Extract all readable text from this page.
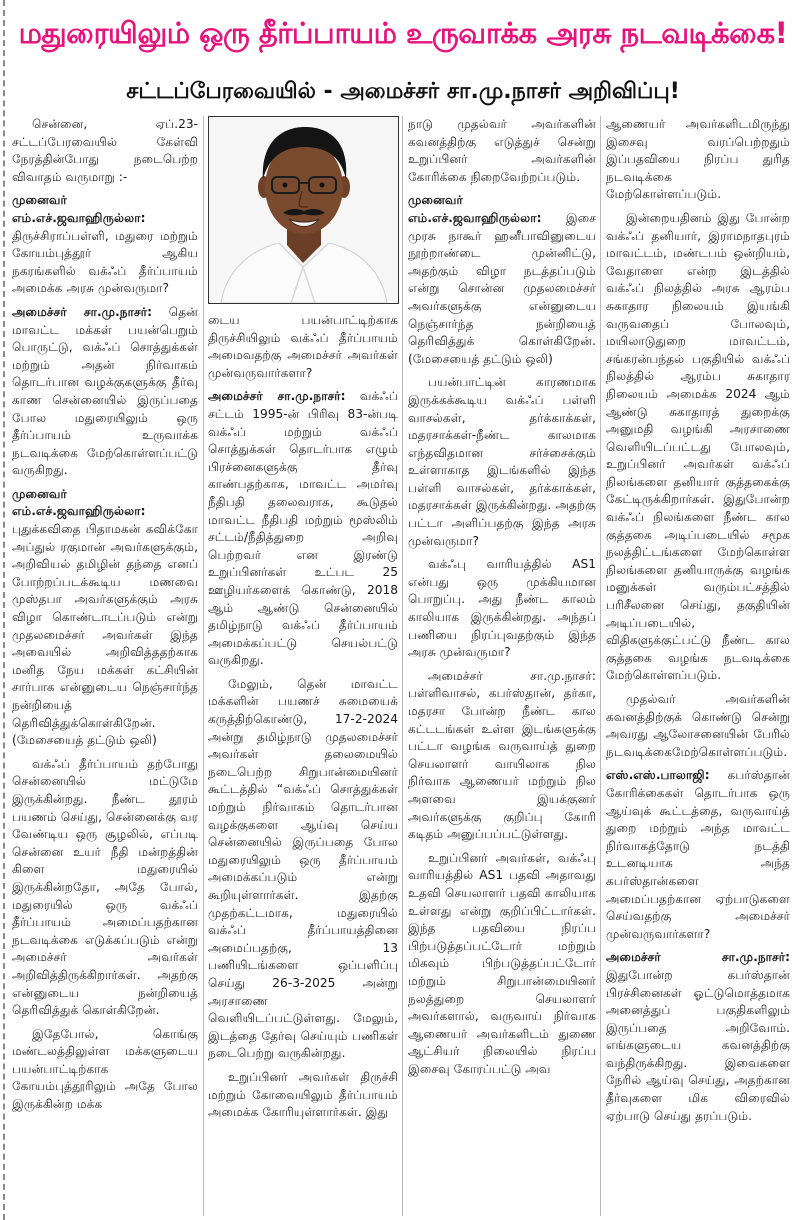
மதுரையிலும் ஒரு தீர்ப்பாயம் உருவாக்க அரசு நடவடிக்கை!
சட்டப்பேரவையில் - அமைச்சர் சா.மு.நாசர் அறிவிப்பு!

சென்னை, ஏப்.23- சட்டப்பேரவையில் கேள்வி நேரத்தின்போது நடைபெற்ற விவாதம் வருமாறு :-

முனைவர் எம்.எச்.ஜவாஹிருல்லா: திருச்சிராப்பள்ளி, மதுரை மற்றும் கோயம்புத்தூர் ஆகிய நகரங்களில் வக்ஃப் தீர்ப்பாயம் அமைக்க அரசு முன்வருமா?

அமைச்சர் சா.மு.நாசர்: தென் மாவட்ட மக்கள் பயன்பெறும் பொருட்டு, வக்ஃப் சொத்துக்கள் மற்றும் அதன் நிர்வாகம் தொடர்பான வழக்குகளுக்கு தீர்வு காண சென்னையில் இருப்பதை போல மதுரையிலும் ஒரு தீர்ப்பாயம் உருவாக்க நடவடிக்கை மேற்கொள்ளப்பட்டு வருகிறது.

முனைவர் எம்.எச்.ஜவாஹிருல்லா: புதுக்கவிதை பிதாமகன் கவிக்கோ அப்துல் ரகுமான் அவர்களுக்கும், அறிவியல் தமிழின் தந்தை எனப் போற்றப்படக்கூடிய மணவை முஸ்தபா அவர்களுக்கும் அரசு விழா கொண்டாடப்படும் என்று முதலமைச்சர் அவர்கள் இந்த அவையில் அறிவித்ததற்காக மனித நேய மக்கள் கட்சியின் சார்பாக என்னுடைய நெஞ்சார்ந்த நன்றியைத் தெரிவித்துக்கொள்கிறேன். (மேசையைத் தட்டும் ஒலி)

வக்ஃப் தீர்ப்பாயம் தற்போது சென்னையில் மட்டுமே இருக்கின்றது. நீண்ட தூரம் பயணம் செய்து, சென்னைக்கு வர வேண்டிய ஒரு சூழலில், எப்படி சென்னை உயர் நீதி மன்றத்தின் கிளை மதுரையில் இருக்கின்றதோ, அதே போல், மதுரையில் ஒரு வக்ஃப் தீர்ப்பாயம் அமைப்பதற்கான நடவடிக்கை எடுக்கப்படும் என்று அமைச்சர் அவர்கள் அறிவித்திருக்கிறார்கள். அதற்கு என்னுடைய நன்றியைத் தெரிவித்துக் கொள்கிறேன்.

இதேபோல், கொங்கு மண்டலத்திலுள்ள மக்களுடைய பயன்பாட்டிற்காக கோயம்புத்தூரிலும் அதே போல இருக்கின்ற மக்க

டைய பயன்பாட்டிற்காக திருச்சியிலும் வக்ஃப் தீர்ப்பாயம் அமைவதற்கு அமைச்சர் அவர்கள் முன்வருவார்களா?

அமைச்சர் சா.மு.நாசர்: வக்ஃப் சட்டம் 1995-ன் பிரிவு 83-ன்படி வக்ஃப் மற்றும் வக்ஃப் சொத்துக்கள் தொடர்பாக எழும் பிரச்னைகளுக்கு தீர்வு காண்பதற்காக, மாவட்ட அமர்வு நீதிபதி தலைவராக, கூடுதல் மாவட்ட நீதிபதி மற்றும் மூஸ்லிம் சட்டம்/நீதித்துறை அறிவு பெற்றவர் என இரண்டு உறுப்பினர்கள் உட்பட 25 ஊழியர்களைக் கொண்டு, 2018 ஆம் ஆண்டு சென்னையில் தமிழ்நாடு வக்ஃப் தீர்ப்பாயம் அமைக்கப்பட்டு செயல்பட்டு வருகிறது.

மேலும், தென் மாவட்ட மக்களின் பயணச் சுமையைக் கருத்திற்கொண்டு, 17-2-2024 அன்று தமிழ்நாடு முதலமைச்சர் அவர்கள் தலைமையில் நடைபெற்ற சிறுபான்மையினர் கூட்டத்தில் “வக்ஃப் சொத்துக்கள் மற்றும் நிர்வாகம் தொடர்பான வழக்குகளை ஆய்வு செய்ய சென்னையில் இருப்பதை போல மதுரையிலும் ஒரு தீர்ப்பாயம் அமைக்கப்படும் என்று கூறியுள்ளார்கள். இதற்கு முதற்கட்டமாக, மதுரையில் வக்ஃப் தீர்ப்பாயத்தினை அமைப்பதற்கு, 13 பணியிடங்களை ஒப்பளிப்பு செய்து 26-3-2025 அன்று அரசாணை வெளியிடப்பட்டுள்ளது. மேலும், இடத்தை தேர்வு செய்யும் பணிகள் நடைபெற்று வருகின்றது.

உறுப்பினர் அவர்கள் திருச்சி மற்றும் கோவையிலும் தீர்ப்பாயம் அமைக்க கோரியுள்ளார்கள். இது

நாடு முதல்வர் அவர்களின் கவனத்திற்கு எடுத்துச் சென்று உறுப்பினர் அவர்களின் கோரிக்கை நிறைவேற்றப்படும்.

முனைவர் எம்.எச்.ஜவாஹிருல்லா: இசை முரசு நாகூர் ஹனீபாவினுடைய நூற்றாண்டை முன்னிட்டு, அதற்கும் விழா நடத்தப்படும் என்று சொன்ன முதலமைச்சர் அவர்களுக்கு என்னுடைய நெஞ்சார்ந்த நன்றியைத் தெரிவித்துக் கொள்கிறேன். (மேசையைத் தட்டும் ஒலி)

பயன்பாட்டின் காரணமாக இருக்கக்கூடிய வக்ஃப் பள்ளி வாசல்கள், தர்க்காக்கள், மதரசாக்கள்-நீண்ட காலமாக எந்தவிதமான சர்ச்சைக்கும் உள்ளாகாத இடங்களில் இந்த பள்ளி வாசல்கள், தர்க்காக்கள், மதரசாக்கள் இருக்கின்றது. அதற்கு பட்டா அளிப்பதற்கு இந்த அரசு முன்வருமா?

வக்ஃபு வாரியத்தில் AS1 என்பது ஒரு முக்கியமான பொறுப்பு. அது நீண்ட காலம் காலியாக இருக்கின்றது. அந்தப் பணியை நிரப்புவதற்கும் இந்த அரசு முன்வருமா?

அமைச்சர் சா.மு.நாசர்: பள்ளிவாசல், கபர்ஸ்தான், தர்கா, மதரசா போன்ற நீண்ட கால கட்டடங்கள் உள்ள இடங்களுக்கு பட்டா வழங்க வருவாய்த் துறை செயலாளர் வாயிலாக நில நிர்வாக ஆணையர் மற்றும் நில அளவை இயக்குனர் அவர்களுக்கு குறிப்பு கோரி கடிதம் அனுப்பப்பட்டுள்ளது.

உறுப்பினர் அவர்கள், வக்ஃபு வாரியத்தில் AS1 பதவி அதாவது உதவி செயலாளர் பதவி காலியாக உள்ளது என்று குறிப்பிட்டார்கள். இந்த பதவியை நிரப்ப பிற்படுத்தப்பட்டோர் மற்றும் மிகவும் பிற்படுத்தப்பட்டோர் மற்றும் சிறுபான்மையினர் நலத்துறை செயலாளர் அவர்களால், வருவாய் நிர்வாக ஆணையர் அவர்களிடம் துணை ஆட்சியர் நிலையில் நிரப்ப இசைவு கோரப்பட்டு அவ

ஆணையர் அவர்களிடமிருந்து இசைவு வரப்பெற்றதும் இப்பதவியை நிரப்ப துரித நடவடிக்கை மேற்கொள்ளப்படும்.

இன்றையதினம் இது போன்ற வக்ஃப் தனியார், இராமநாதபுரம் மாவட்டம், மண்டபம் ஒன்றியம், வேதாளை என்ற இடத்தில் வக்ஃப் நிலத்தில் அரசு ஆரம்ப சுகாதார நிலையம் இயங்கி வருவதைப் போலவும், மயிலாடுதுறை மாவட்டம், சங்கரன்பந்தல் பகுதியில் வக்ஃப் நிலத்தில் ஆரம்ப சுகாதார நிலையம் அமைக்க 2024 ஆம் ஆண்டு சுகாதாரத் துறைக்கு அனுமதி வழங்கி அரசாணை வெளியிடப்பட்டது போலவும், உறுப்பினர் அவர்கள் வக்ஃப் நிலங்களை தனியார் குத்தகைக்கு கேட்டிருக்கிறார்கள். இதுபோன்ற வக்ஃப் நிலங்களை நீண்ட கால குத்தகை அடிப்படையில் சமூக நலத்திட்டங்களை மேற்கொள்ள நிலங்களை தனியாருக்கு வழங்க மனுக்கள் வரும்பட்சத்தில் பரிசீலனை செய்து, தகுதியின் அடிப்படையில், விதிகளுக்குட்பட்டு நீண்ட கால குத்தகை வழங்க நடவடிக்கை மேற்கொள்ளப்படும்.

முதல்வர் அவர்களின் கவனத்திற்குக் கொண்டு சென்று அவரது ஆலோசனையின் பேரில் நடவடிக்கைமேற்கொள்ளப்படும்.

எஸ்.எஸ்.பாலாஜி: கபர்ஸ்தான் கோரிக்கைகள் தொடர்பாக ஒரு ஆய்வுக் கூட்டத்தை, வருவாய்த் துறை மற்றும் அந்த மாவட்ட நிர்வாகத்தோடு நடத்தி உடனடியாக அந்த கபர்ஸ்தான்களை அமைப்பதற்கான ஏற்பாடுகளை செய்வதற்கு அமைச்சர் முன்வருவார்களா?

அமைச்சர் சா.மு.நாசர்: இதுபோன்ற கபர்ஸ்தான் பிரச்சினைகள் ஓட்டுமொத்தமாக அனைத்துப் பகுதிகளிலும் இருப்பதை அறிவோம். எங்களுடைய கவனத்திற்கு வந்திருக்கிறது. இவைகளை நேரில் ஆய்வு செய்து, அதற்கான தீர்வுகளை மிக விரைவில் ஏற்பாடு செய்து தரப்படும்.
